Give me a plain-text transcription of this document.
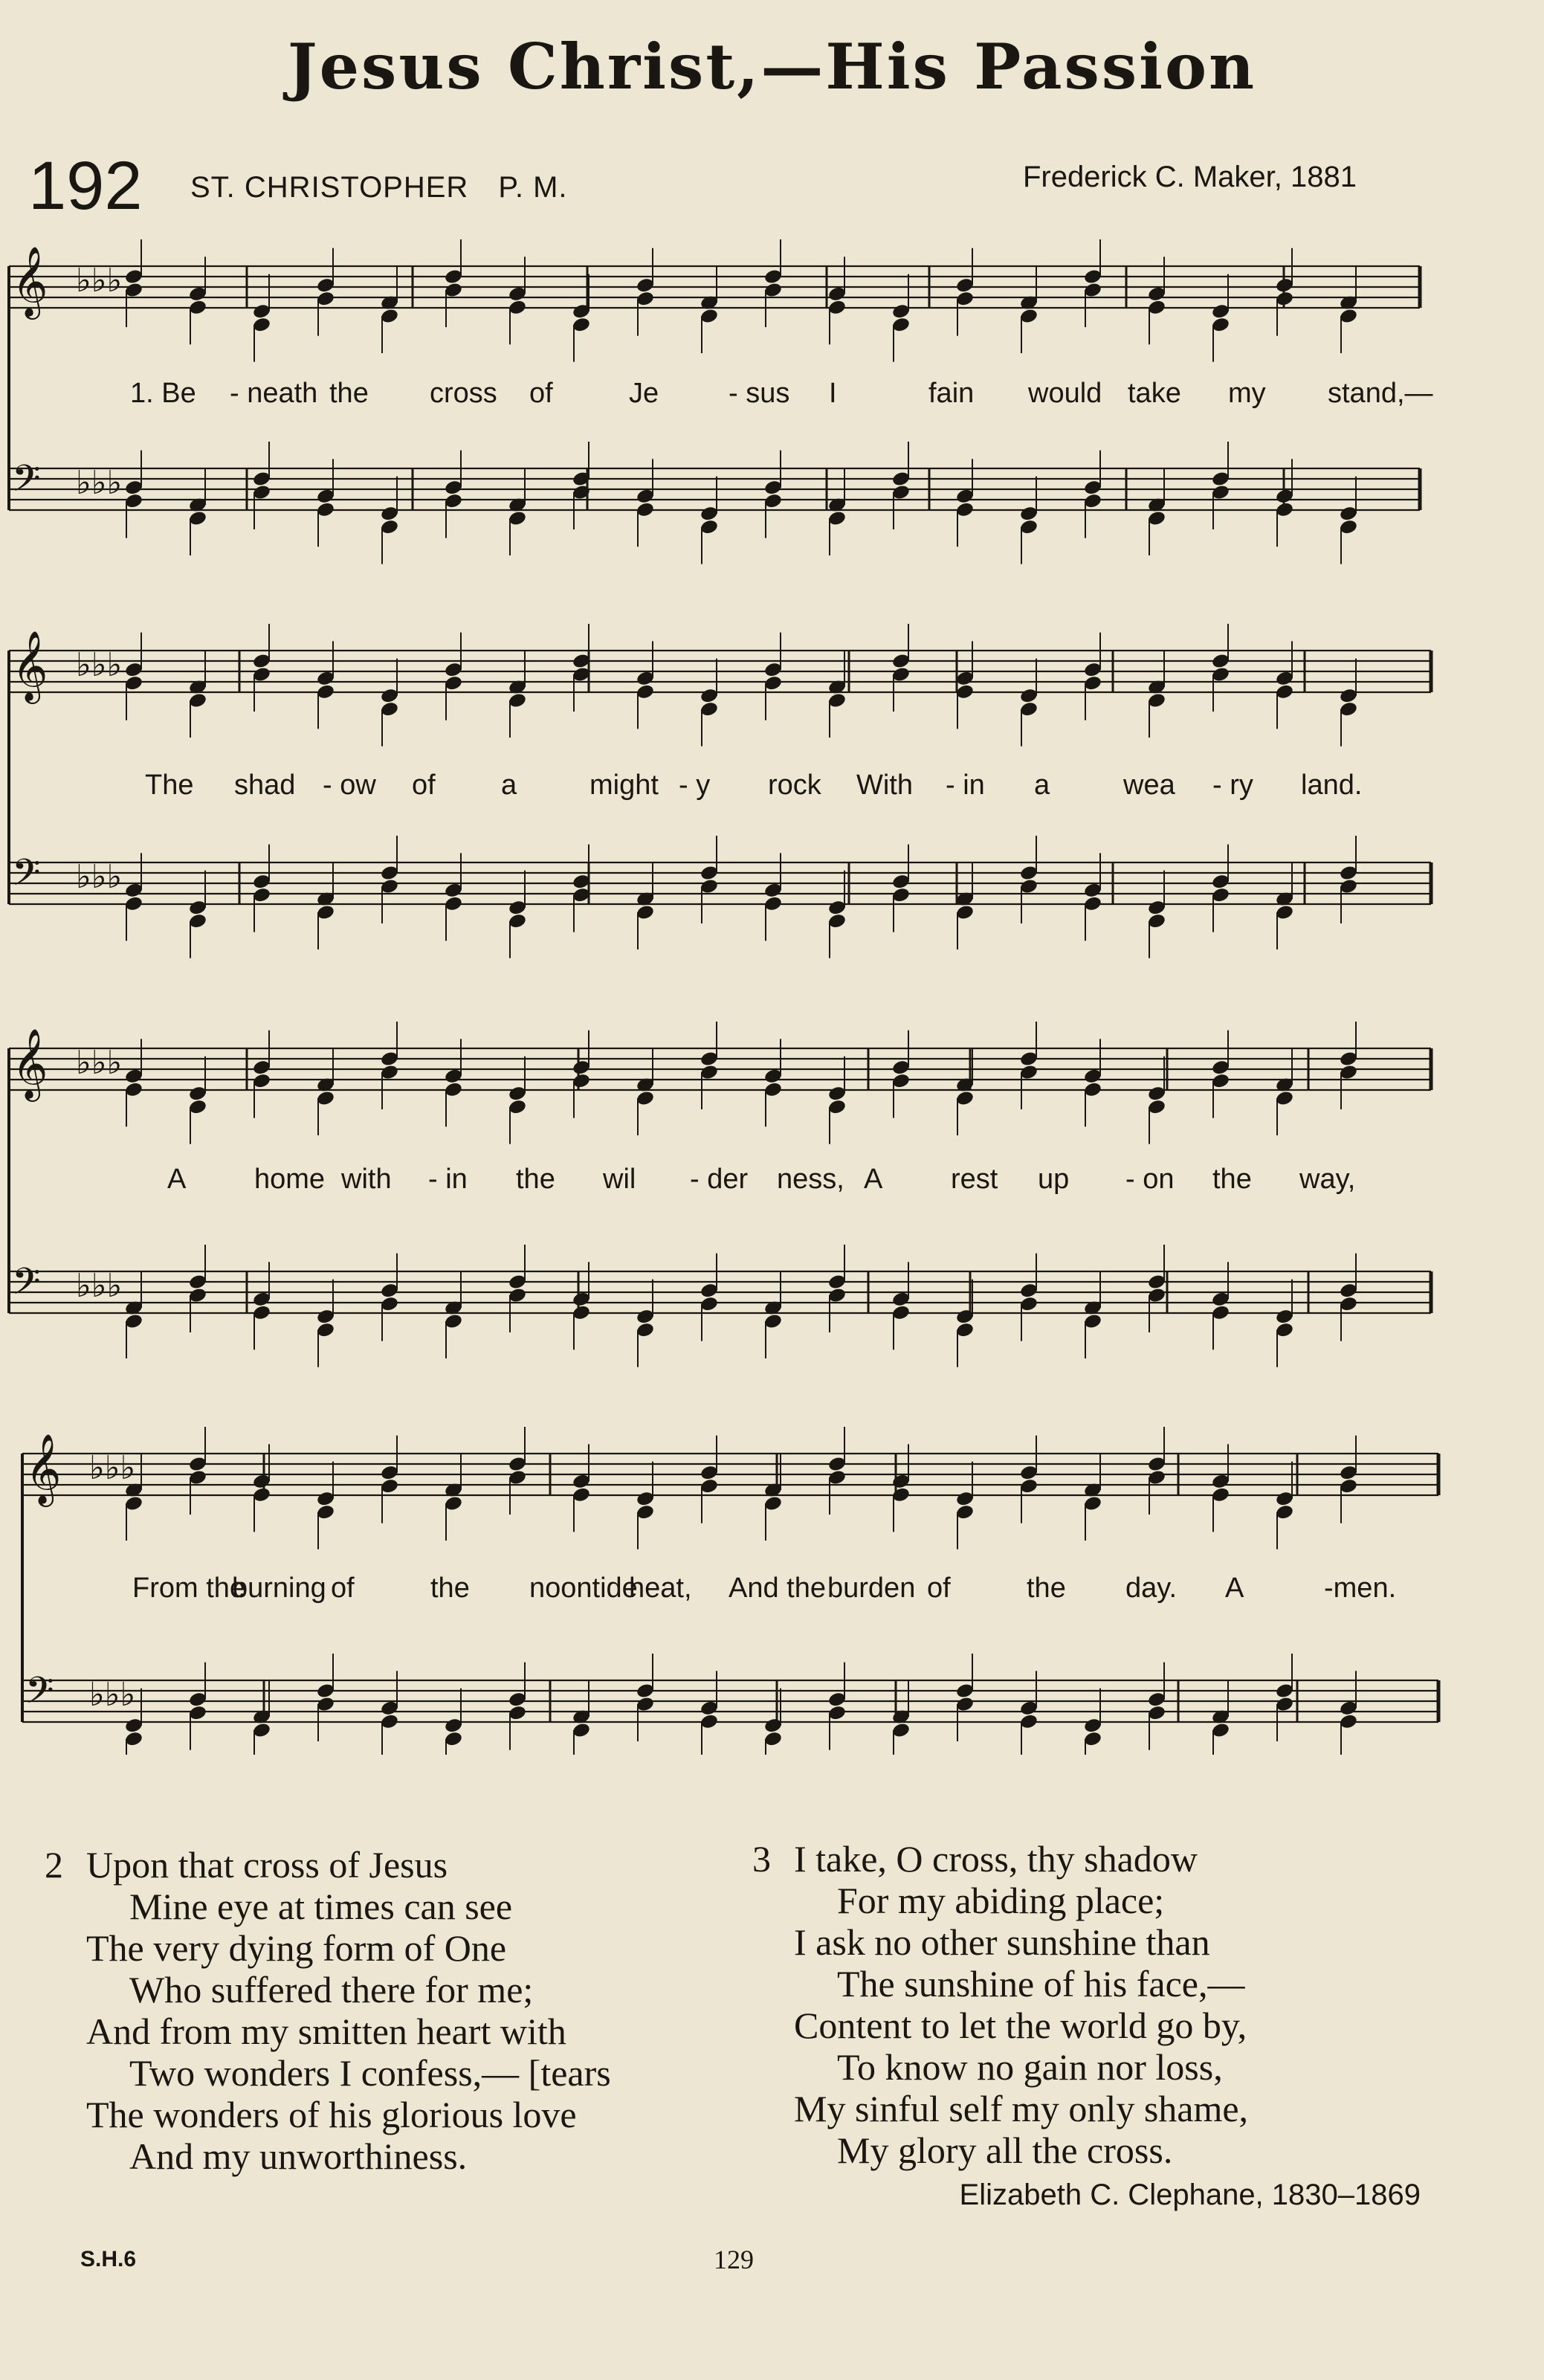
Jesus Christ,—His Passion
192 ST. CHRISTOPHER P. M.	Frederick C. Maker, 1881
𝄞 ♭♭♭
𝄢 ♭♭♭
𝄞 ♭♭♭
𝄢 ♭♭♭
𝄞 ♭♭♭
𝄢 ♭♭♭
𝄞 ♭♭♭
𝄢 ♭♭♭
1. Be - neath the cross of	Je - sus I	fain would take my stand,—
The shad - ow of a	might - y rock With - in a	wea - ry land.
A home with - in the wil - der ness, A rest up - on the way,
From the
burning of	the noontide
heat, And the burden of	the day. A	-men.
2 Upon that cross of Jesus
Mine eye at times can see
The very dying form of One
Who suffered there for me;
And from my smitten heart with
Two wonders I confess,— [tears
The wonders of his glorious love
And my unworthiness.
3 I take, O cross, thy shadow
For my abiding place;
I ask no other sunshine than
The sunshine of his face,—
Content to let the world go by,
To know no gain nor loss,
My sinful self my only shame,
My glory all the cross.
Elizabeth C. Clephane, 1830–1869
S.H.6	129
